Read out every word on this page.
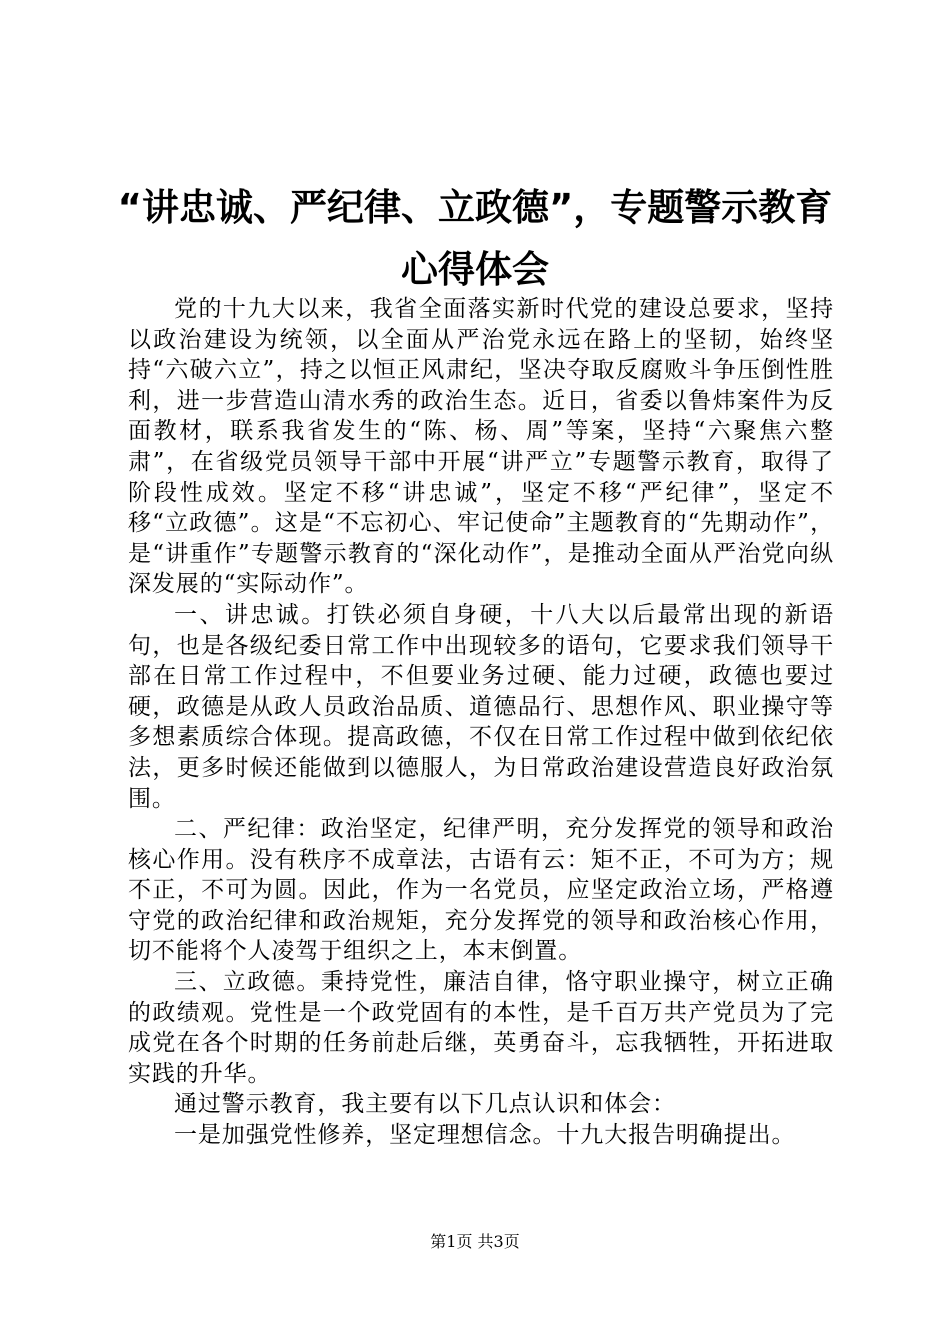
“讲忠诚、严纪律、立政德”，专题警示教育
心得体会

党的十九大以来，我省全面落实新时代党的建设总要求，坚持以政治建设为统领，以全面从严治党永远在路上的坚韧，始终坚持“六破六立”，持之以恒正风肃纪，坚决夺取反腐败斗争压倒性胜利，进一步营造山清水秀的政治生态。近日，省委以鲁炜案件为反面教材，联系我省发生的“陈、杨、周”等案，坚持“六聚焦六整肃”，在省级党员领导干部中开展“讲严立”专题警示教育，取得了阶段性成效。坚定不移“讲忠诚”，坚定不移“严纪律”，坚定不移“立政德”。这是“不忘初心、牢记使命”主题教育的“先期动作”，是“讲重作”专题警示教育的“深化动作”，是推动全面从严治党向纵深发展的“实际动作”。

一、讲忠诚。打铁必须自身硬，十八大以后最常出现的新语句，也是各级纪委日常工作中出现较多的语句，它要求我们领导干部在日常工作过程中，不但要业务过硬、能力过硬，政德也要过硬，政德是从政人员政治品质、道德品行、思想作风、职业操守等多想素质综合体现。提高政德，不仅在日常工作过程中做到依纪依法，更多时候还能做到以德服人，为日常政治建设营造良好政治氛围。

二、严纪律：政治坚定，纪律严明，充分发挥党的领导和政治核心作用。没有秩序不成章法，古语有云：矩不正，不可为方；规不正，不可为圆。因此，作为一名党员，应坚定政治立场，严格遵守党的政治纪律和政治规矩，充分发挥党的领导和政治核心作用，切不能将个人凌驾于组织之上，本末倒置。

三、立政德。秉持党性，廉洁自律，恪守职业操守，树立正确的政绩观。党性是一个政党固有的本性，是千百万共产党员为了完成党在各个时期的任务前赴后继，英勇奋斗，忘我牺牲，开拓进取实践的升华。

通过警示教育，我主要有以下几点认识和体会：

一是加强党性修养，坚定理想信念。十九大报告明确提出。

第1页 共3页
